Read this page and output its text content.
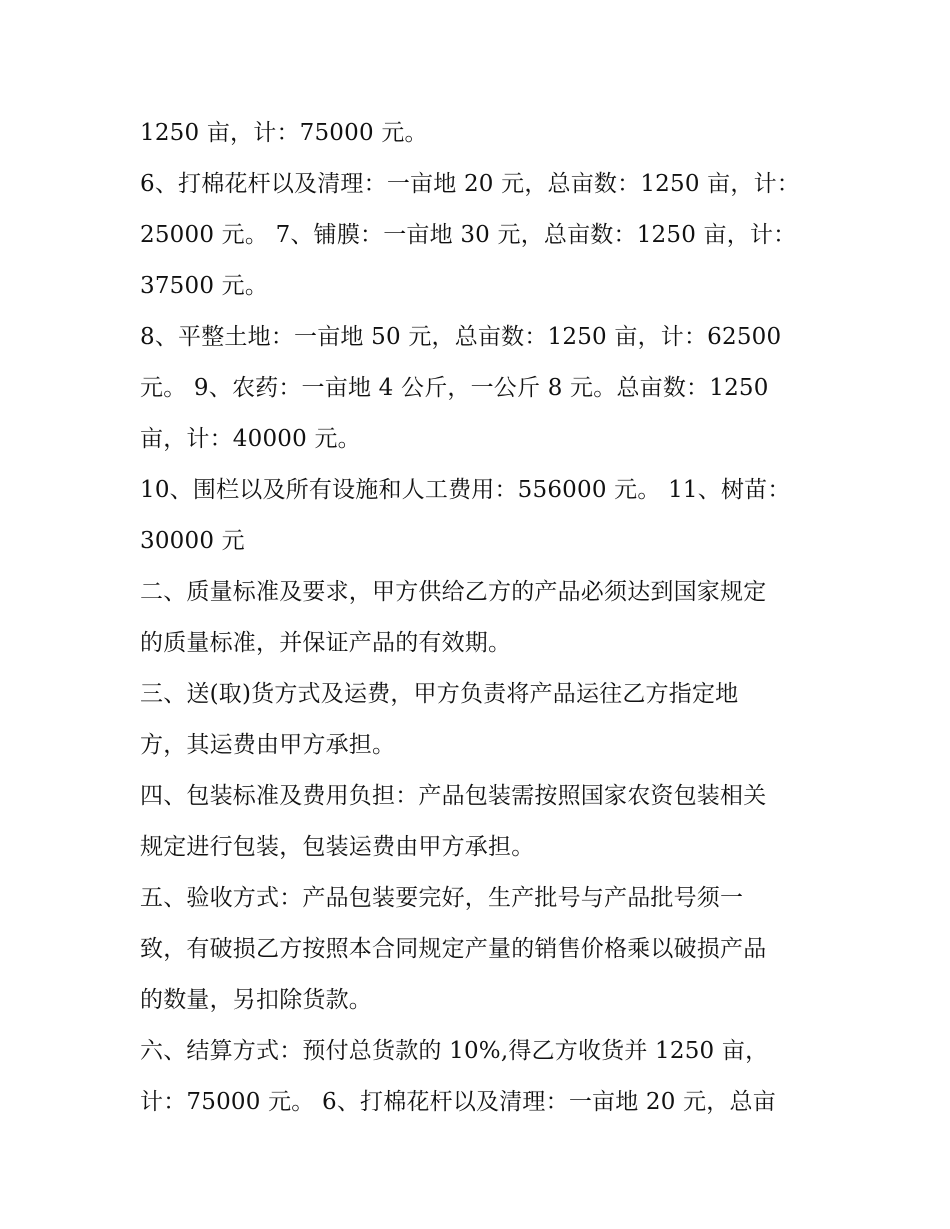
1250 亩，计：75000 元。
6、打棉花杆以及清理：一亩地 20 元，总亩数：1250 亩，计：
25000 元。 7、铺膜：一亩地 30 元，总亩数：1250 亩，计：
37500 元。
8、平整土地：一亩地 50 元，总亩数：1250 亩，计：62500
元。 9、农药：一亩地 4 公斤，一公斤 8 元。总亩数：1250
亩，计：40000 元。
10、围栏以及所有设施和人工费用：556000 元。 11、树苗：
30000 元
二、质量标准及要求，甲方供给乙方的产品必须达到国家规定
的质量标准，并保证产品的有效期。
三、送(取)货方式及运费，甲方负责将产品运往乙方指定地
方，其运费由甲方承担。
四、包装标准及费用负担：产品包装需按照国家农资包装相关
规定进行包装，包装运费由甲方承担。
五、验收方式：产品包装要完好，生产批号与产品批号须一
致，有破损乙方按照本合同规定产量的销售价格乘以破损产品
的数量，另扣除货款。
六、结算方式：预付总货款的 10%,得乙方收货并 1250 亩，
计：75000 元。 6、打棉花杆以及清理：一亩地 20 元，总亩
